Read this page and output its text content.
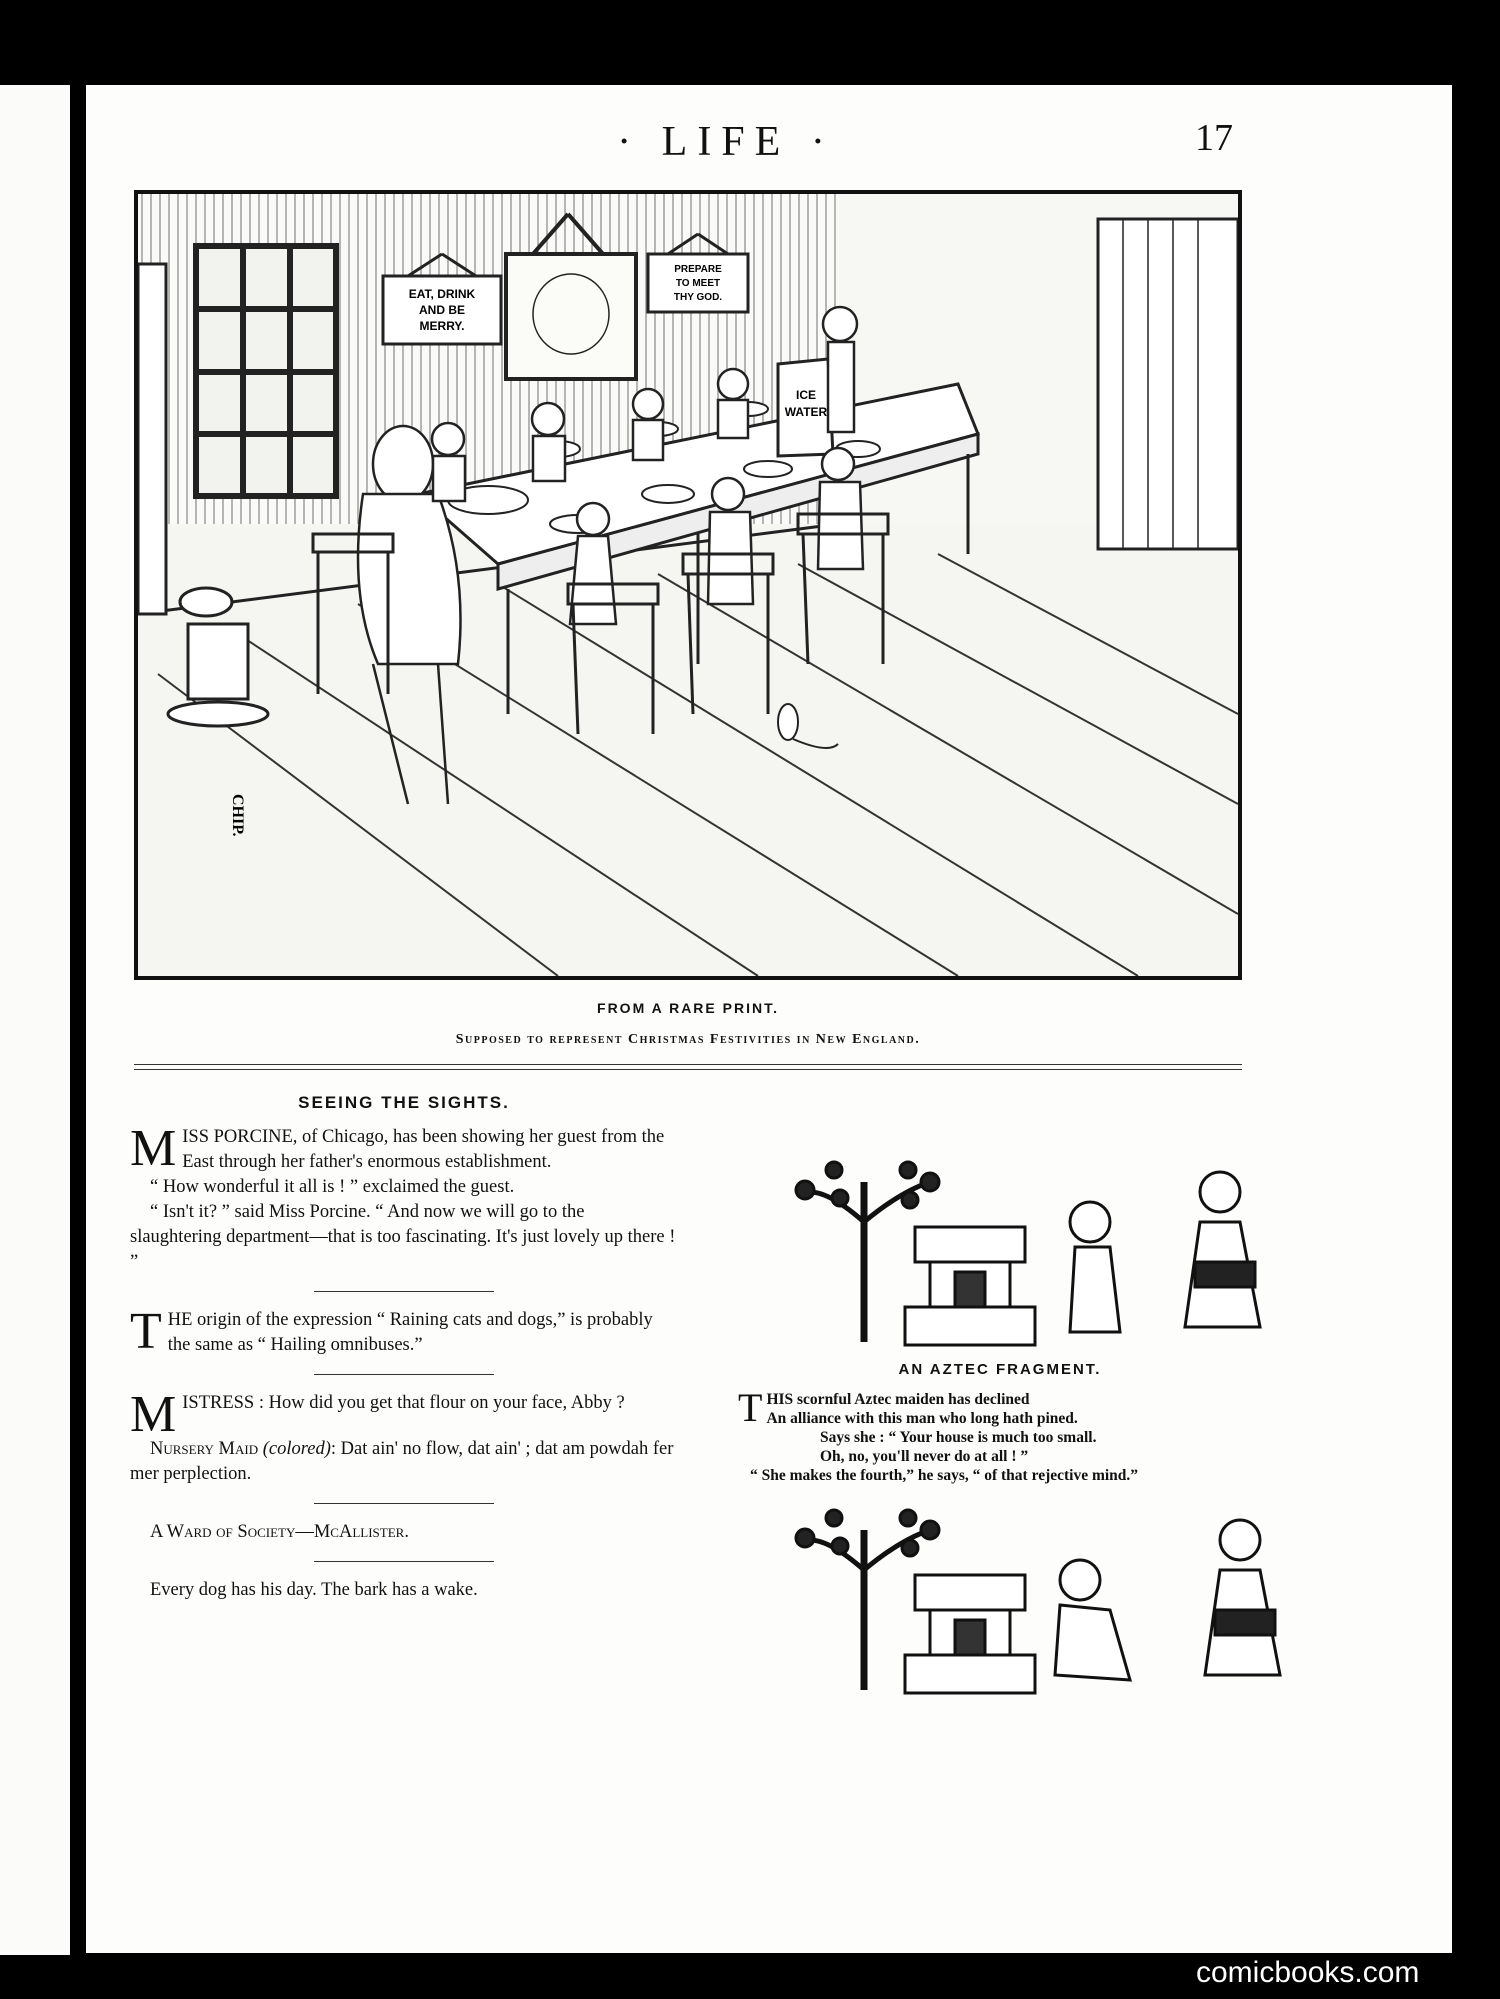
· LIFE ·	17
EAT, DRINK
AND BE
MERRY.
PREPARE
TO MEET
THY GOD.
ICE
WATER
CHIP.
FROM A RARE PRINT.
Supposed to represent Christmas Festivities in New England.
SEEING THE SIGHTS.

MISS PORCINE, of Chicago, has been showing her guest from the East through her father's enormous establishment.

“ How wonderful it all is ! ” exclaimed the guest.

“ Isn't it? ” said Miss Porcine. “ And now we will go to the slaughtering department—that is too fascinating. It's just lovely up there ! ”

THE origin of the expression “ Raining cats and dogs,” is probably the same as “ Hailing omnibuses.”

MISTRESS : How did you get that flour on your face, Abby ?

Nursery Maid (colored): Dat ain' no flow, dat ain' ; dat am powdah fer mer perplection.

A Ward of Society—McAllister.

Every dog has his day. The bark has a wake.

AN AZTEC FRAGMENT.
THIS scornful Aztec maiden has declined
An alliance with this man who long hath pined.
Says she : “ Your house is much too small.
Oh, no, you'll never do at all ! ”
“ She makes the fourth,” he says, “ of that rejective mind.”
comicbooks.com
